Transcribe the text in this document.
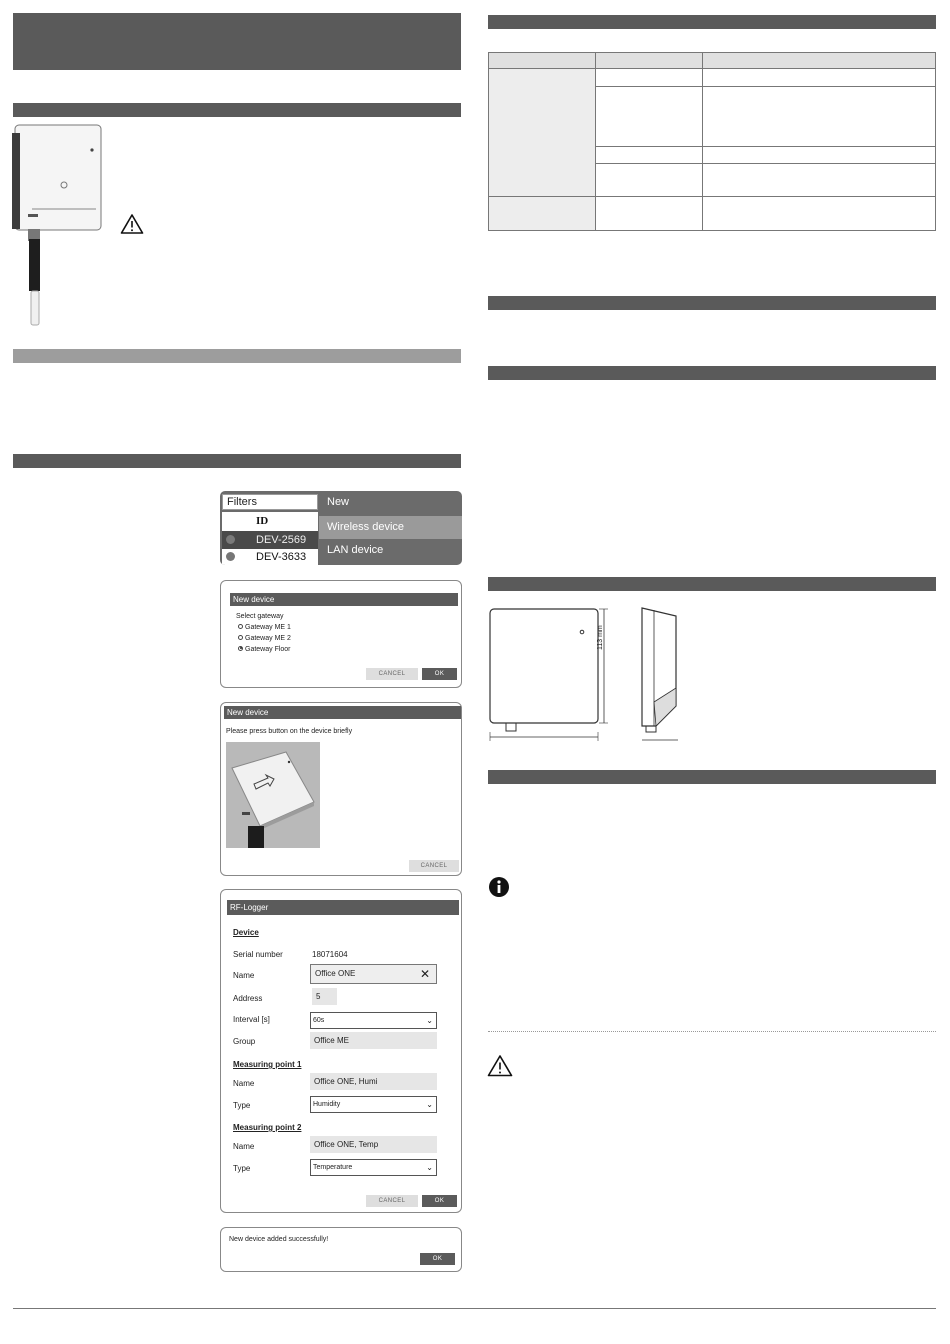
Filters
ID
DEV-2569
DEV-3633
New
Wireless device
LAN device
New device
Select gateway
Gateway ME 1
Gateway ME 2
Gateway Floor
CANCEL	OK
New device
Please press button on the device briefly
CANCEL
RF-Logger
Device
Serial number	18071604
Name	Office ONE	✕
Address	5
Interval [s]	60s	⌄
Group	Office ME
Measuring point 1
Name	Office ONE, Humi
Type	Humidity	⌄
Measuring point 2
Name	Office ONE, Temp
Type	Temperature	⌄
CANCEL	OK
New device added successfully!
OK

113 mm
